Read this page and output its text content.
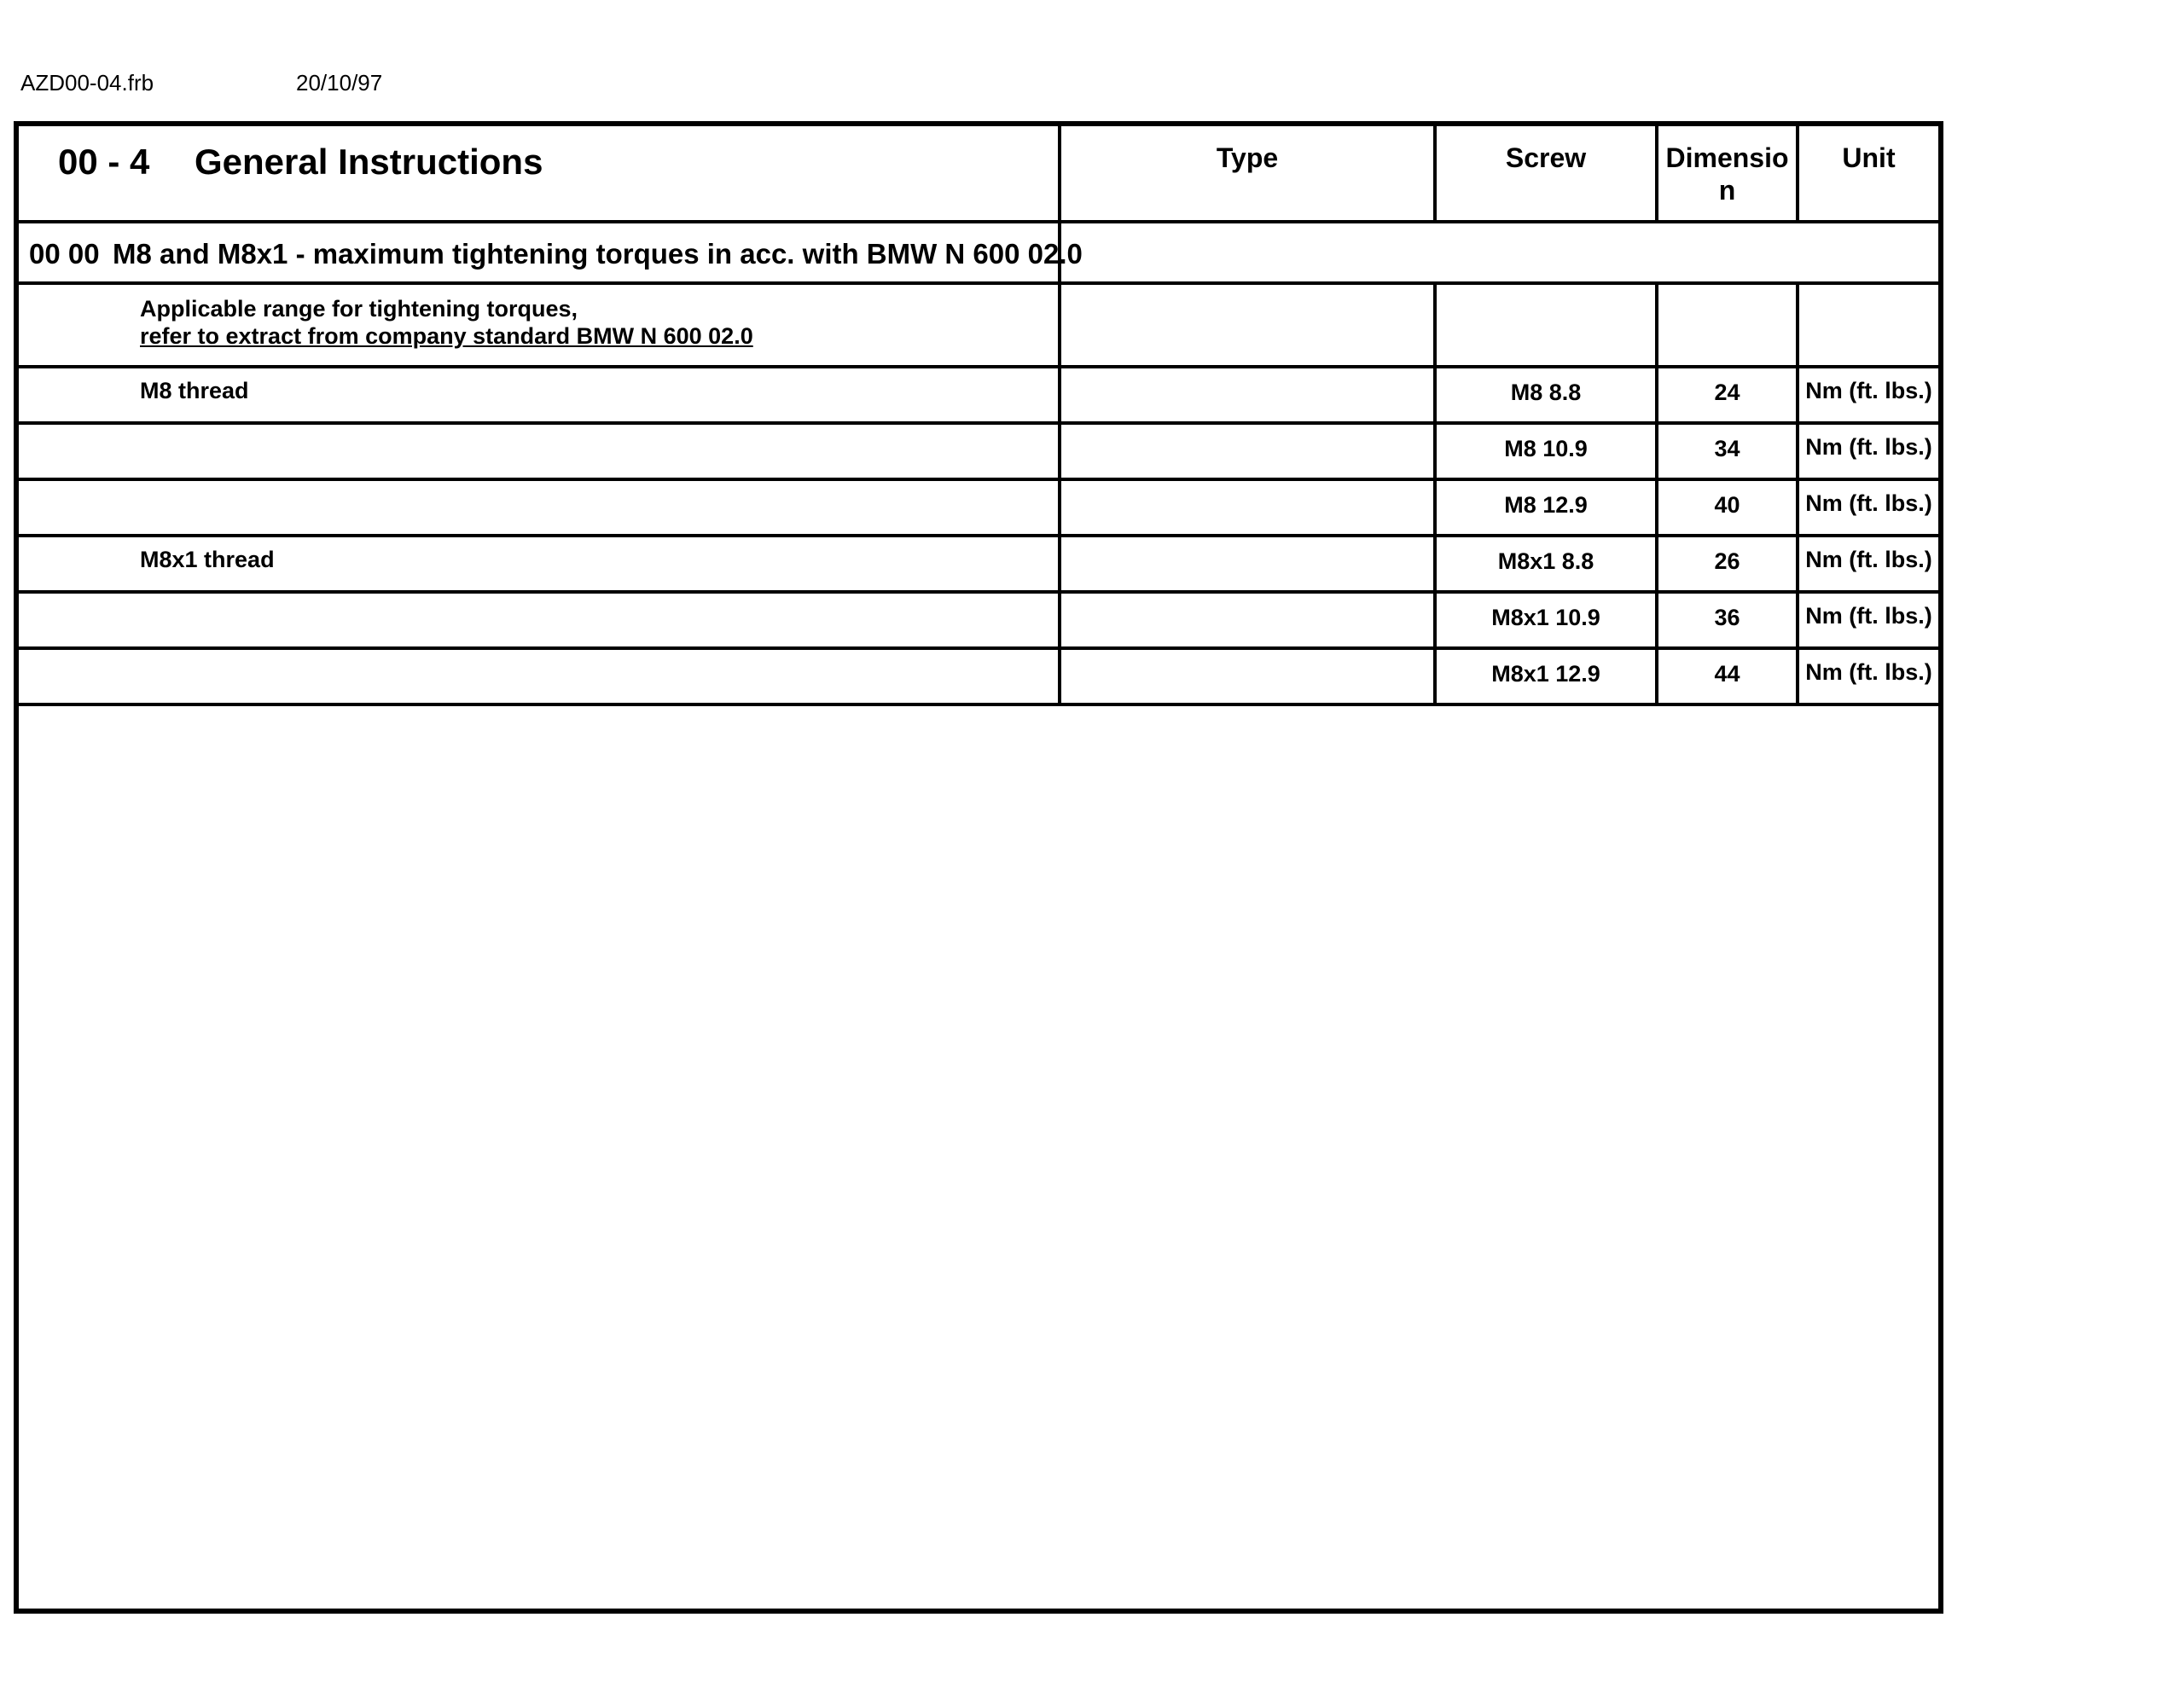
AZD00-04.frb	20/10/97
00 - 4 General Instructions	Type	Screw	Dimension	Unit

00 00 M8 and M8x1 - maximum tightening torques in acc. with BMW N 600 02.0				

Applicable range for tightening torques,
refer to extract from company standard BMW N 600 02.0				

M8 thread		M8 8.8	24	Nm (ft. lbs.)

		M8 10.9	34	Nm (ft. lbs.)

		M8 12.9	40	Nm (ft. lbs.)

M8x1 thread		M8x1 8.8	26	Nm (ft. lbs.)

		M8x1 10.9	36	Nm (ft. lbs.)

		M8x1 12.9	44	Nm (ft. lbs.)
